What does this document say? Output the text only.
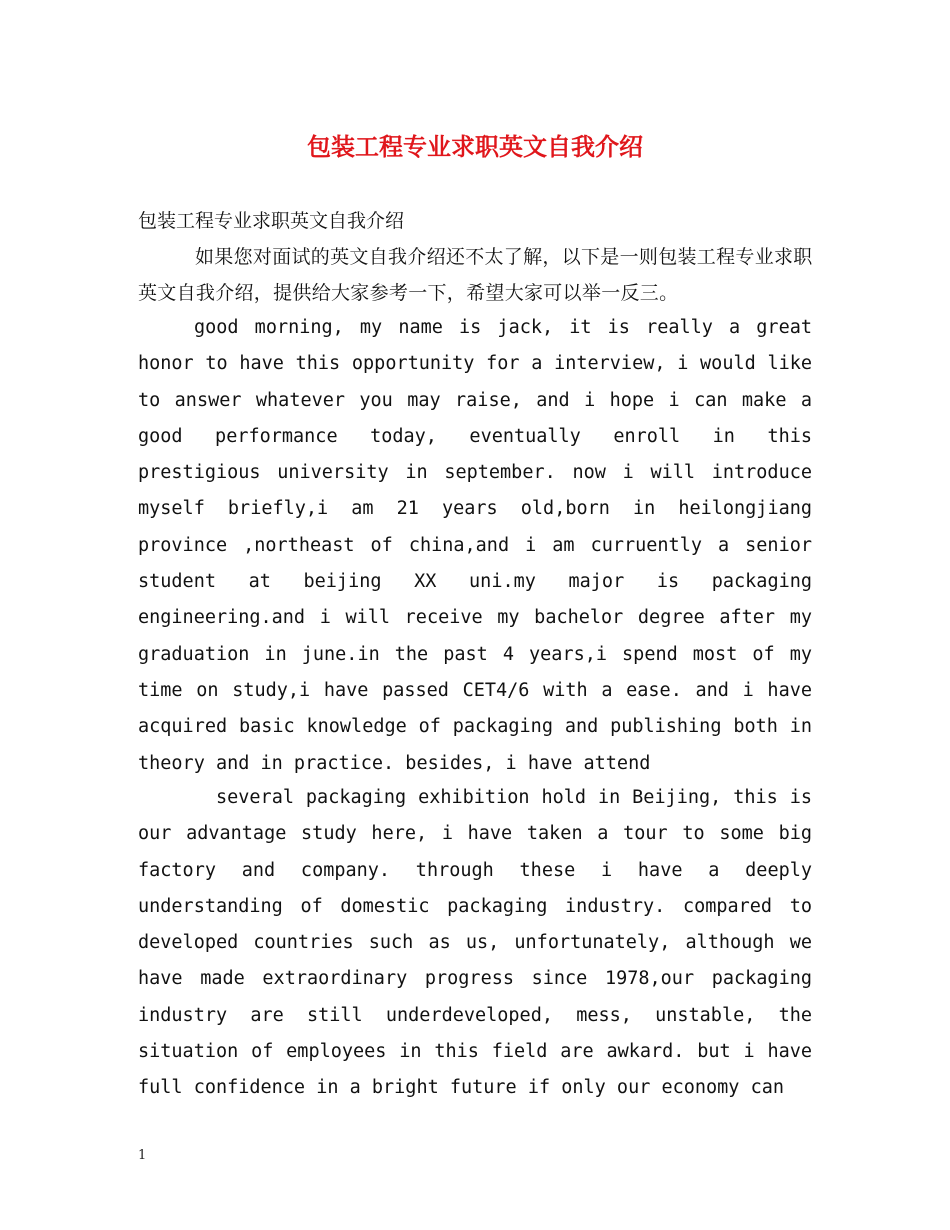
包装工程专业求职英文自我介绍

包装工程专业求职英文自我介绍

如果您对面试的英文自我介绍还不太了解，以下是一则包装工程专业求职英文自我介绍，提供给大家参考一下，希望大家可以举一反三。

good morning, my name is jack, it is really a great honor to have this opportunity for a interview, i would like to answer whatever you may raise, and i hope i can make a good performance today, eventually enroll in this prestigious university in september. now i will introduce myself briefly,i am 21 years old,born in heilongjiang province ,northeast of china,and i am curruently a senior student at beijing XX uni.my major is packaging engineering.and i will receive my bachelor degree after my graduation in june.in the past 4 years,i spend most of my time on study,i have passed CET4/6 with a ease. and i have acquired basic knowledge of packaging and publishing both in theory and in practice. besides, i have attend

several packaging exhibition hold in Beijing, this is our advantage study here, i have taken a tour to some big factory and company. through these i have a deeply understanding of domestic packaging industry. compared to developed countries such as us, unfortunately, although we have made extraordinary progress since 1978,our packaging industry are still underdeveloped, mess, unstable, the situation of employees in this field are awkard. but i have full confidence in a bright future if only our economy can

1
